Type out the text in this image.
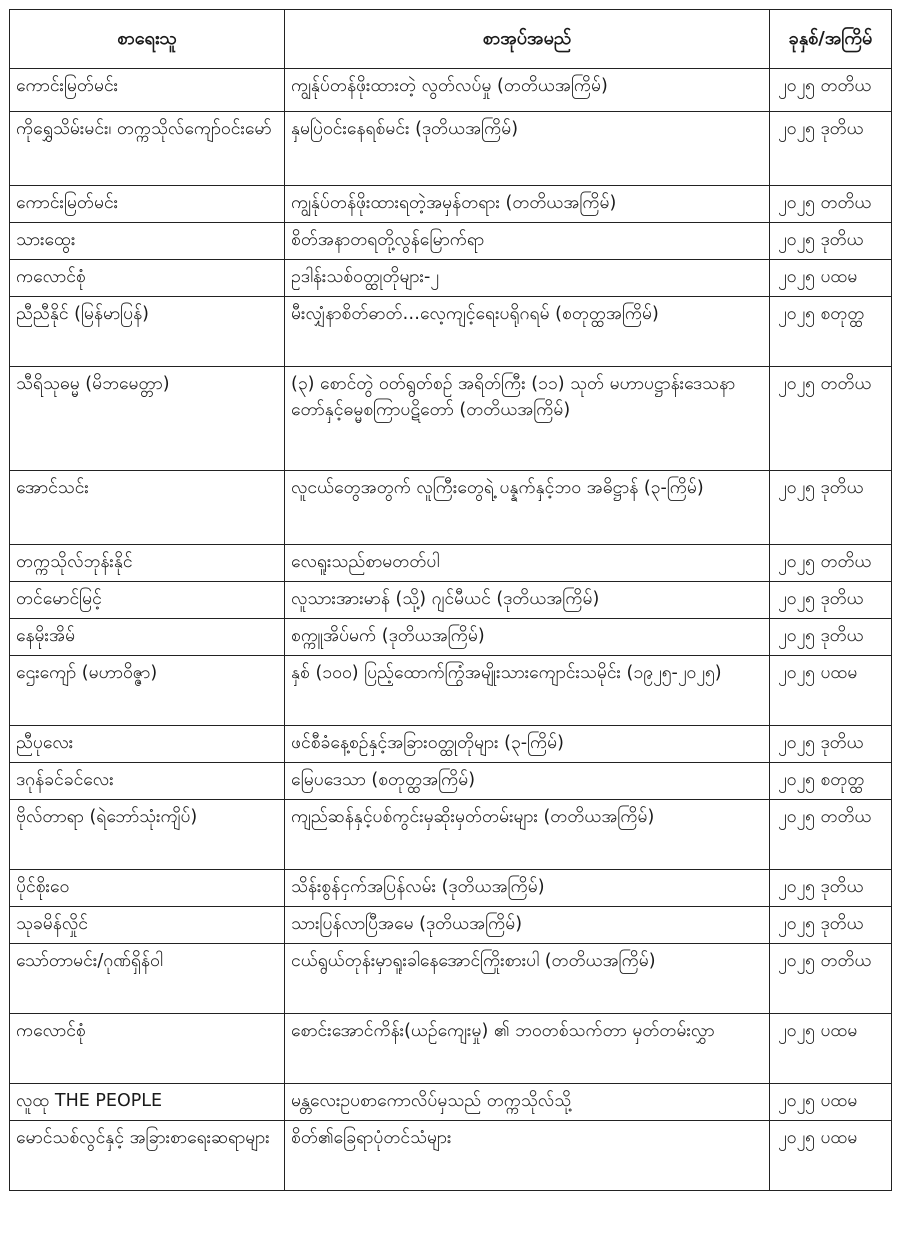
စာရေးသူ	စာအုပ်အမည်	ခုနှစ်/အကြိမ်
ကောင်းမြတ်မင်း	ကျွန်ုပ်တန်ဖိုးထားတဲ့ လွတ်လပ်မှု (တတိယအကြိမ်)	၂၀၂၅ တတိယ
ကိုရွှေသိမ်းမင်း၊ တက္ကသိုလ်ကျော်ဝင်းမော်	နှမပြဲဝင်းနေရစ်မင်း (ဒုတိယအကြိမ်)	၂၀၂၅ ဒုတိယ
ကောင်းမြတ်မင်း	ကျွန်ုပ်တန်ဖိုးထားရတဲ့အမှန်တရား (တတိယအကြိမ်)	၂၀၂၅ တတိယ
သားထွေး	စိတ်အနာတရတို့လွန်မြောက်ရာ	၂၀၂၅ ဒုတိယ
ကလောင်စုံ	ဥဒါန်းသစ်ဝတ္ထုတိုများ-၂	၂၀၂၅ ပထမ
ညီညီနိုင် (မြန်မာပြန်)	မီးလျှံနာစိတ်ဓာတ်…လေ့ကျင့်ရေးပရိုဂရမ် (စတုတ္ထအကြိမ်)	၂၀၂၅ စတုတ္ထ
သီရိသုဓမ္မ (မိဘမေတ္တာ)	(၃) စောင်တွဲ ဝတ်ရွတ်စဉ် အရိတ်ကြီး (၁၁) သုတ် မဟာပဋ္ဌာန်းဒေသနာတော်နှင့်ဓမ္မစကြာပဋိတော် (တတိယအကြိမ်)	၂၀၂၅ တတိယ
အောင်သင်း	လူငယ်တွေအတွက် လူကြီးတွေရဲ့ ပန္နက်နှင့်ဘဝ အဓိဋ္ဌာန် (၃-ကြိမ်)	၂၀၂၅ ဒုတိယ
တက္ကသိုလ်ဘုန်းနိုင်	လေရူးသည်စာမတတ်ပါ	၂၀၂၅ တတိယ
တင်မောင်မြင့်	လူသားအားမာန် (သို့) ဂျင်မီယင် (ဒုတိယအကြိမ်)	၂၀၂၅ ဒုတိယ
နေမိုးအိမ်	စက္ကူအိပ်မက် (ဒုတိယအကြိမ်)	၂၀၂၅ ဒုတိယ
ဌေးကျော် (မဟာဝိဇ္ဇာ)	နှစ် (၁၀၀) ပြည့်ထောက်ကြွံအမျိုးသားကျောင်းသမိုင်း (၁၉၂၅-၂၀၂၅)	၂၀၂၅ ပထမ
ညီပုလေး	ဖင်စီခံနေ့စဉ်နှင့်အခြားဝတ္ထုတိုများ (၃-ကြိမ်)	၂၀၂၅ ဒုတိယ
ဒဂုန်ခင်ခင်လေး	မြေပဒေသာ (စတုတ္ထအကြိမ်)	၂၀၂၅ စတုတ္ထ
ဗိုလ်တာရာ (ရဲဘော်သုံးကျိပ်)	ကျည်ဆန်နှင့်ပစ်ကွင်းမှဆိုးမှတ်တမ်းများ (တတိယအကြိမ်)	၂၀၂၅ တတိယ
ပိုင်စိုးဝေ	သိန်းစွန်ငှက်အပြန်လမ်း (ဒုတိယအကြိမ်)	၂၀၂၅ ဒုတိယ
သုခမိန်လှိုင်	သားပြန်လာပြီအမေ (ဒုတိယအကြိမ်)	၂၀၂၅ ဒုတိယ
သော်တာမင်း/ဂုဏ်ရှိန်ဝါ	ငယ်ရွယ်တုန်းမှာရူးခါနေအောင်ကြိုးစားပါ (တတိယအကြိမ်)	၂၀၂၅ တတိယ
ကလောင်စုံ	စောင်းအောင်ကိန်း(ယဉ်ကျေးမှု) ၏ ဘဝတစ်သက်တာ မှတ်တမ်းလွှာ	၂၀၂၅ ပထမ
လူထု THE PEOPLE	မန္တလေးဥပစာကောလိပ်မှသည် တက္ကသိုလ်သို့	၂၀၂၅ ပထမ
မောင်သစ်လွင်နှင့် အခြားစာရေးဆရာများ	စိတ်၏ခြေရာပုံတင်သံများ	၂၀၂၅ ပထမ
